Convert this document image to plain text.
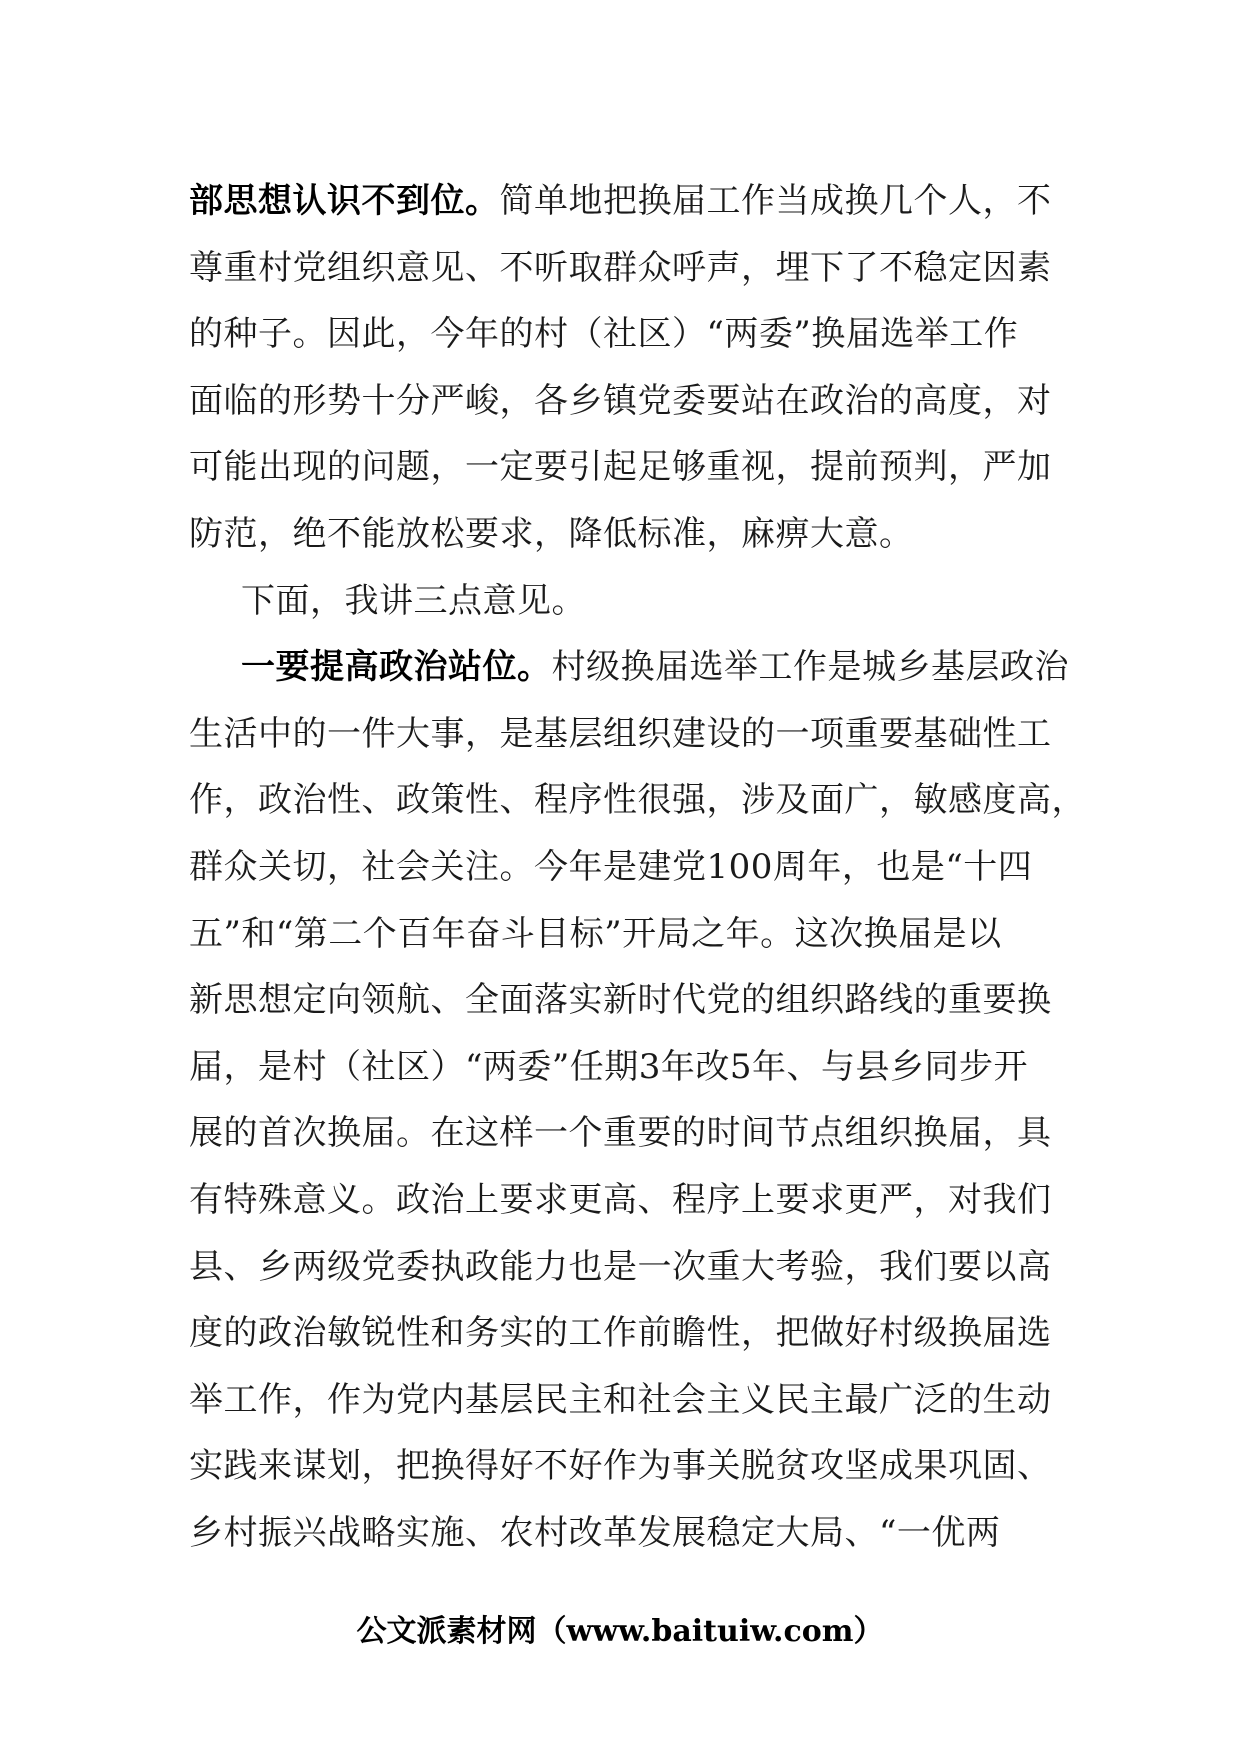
部思想认识不到位。简单地把换届工作当成换几个人，不
尊重村党组织意见、不听取群众呼声，埋下了不稳定因素
的种子。因此，今年的村（社区）“两委”换届选举工作
面临的形势十分严峻，各乡镇党委要站在政治的高度，对
可能出现的问题，一定要引起足够重视，提前预判，严加
防范，绝不能放松要求，降低标准，麻痹大意。
下面，我讲三点意见。
一要提高政治站位。村级换届选举工作是城乡基层政治
生活中的一件大事，是基层组织建设的一项重要基础性工
作，政治性、政策性、程序性很强，涉及面广，敏感度高，
群众关切，社会关注。今年是建党100周年，也是“十四
五”和“第二个百年奋斗目标”开局之年。这次换届是以
新思想定向领航、全面落实新时代党的组织路线的重要换
届，是村（社区）“两委”任期3年改5年、与县乡同步开
展的首次换届。在这样一个重要的时间节点组织换届，具
有特殊意义。政治上要求更高、程序上要求更严，对我们
县、乡两级党委执政能力也是一次重大考验，我们要以高
度的政治敏锐性和务实的工作前瞻性，把做好村级换届选
举工作，作为党内基层民主和社会主义民主最广泛的生动
实践来谋划，把换得好不好作为事关脱贫攻坚成果巩固、
乡村振兴战略实施、农村改革发展稳定大局、“一优两
公文派素材网（www.baituiw.com）
